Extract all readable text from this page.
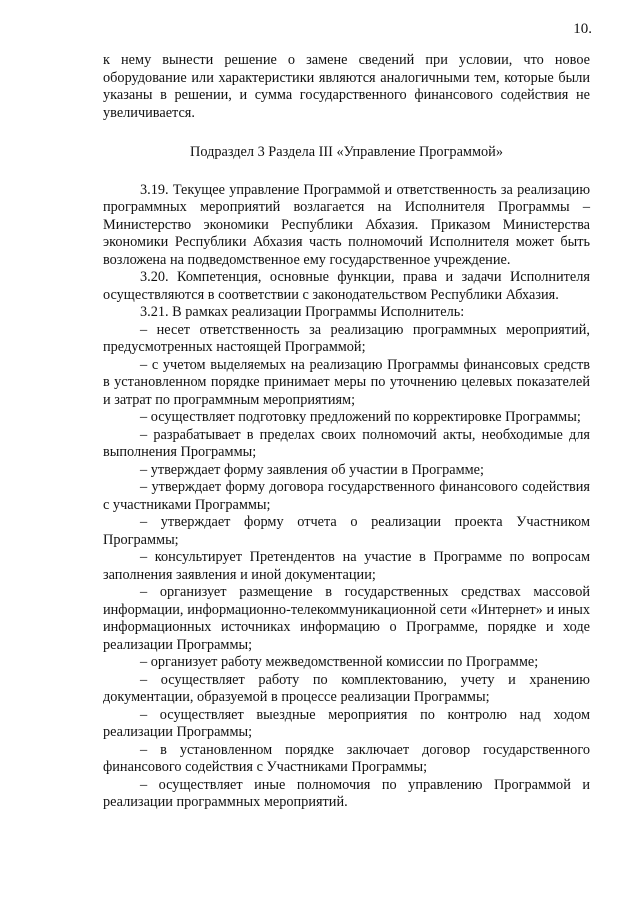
10.

к нему вынести решение о замене сведений при условии, что новое оборудование или характеристики являются аналогичными тем, которые были указаны в решении, и сумма государственного финансового содействия не увеличивается.

Подраздел 3 Раздела III «Управление Программой»

3.19. Текущее управление Программой и ответственность за реализацию программных мероприятий возлагается на Исполнителя Программы – Министерство экономики Республики Абхазия. Приказом Министерства экономики Республики Абхазия часть полномочий Исполнителя может быть возложена на подведомственное ему государственное учреждение.

3.20. Компетенция, основные функции, права и задачи Исполнителя осуществляются в соответствии с законодательством Республики Абхазия.

3.21. В рамках реализации Программы Исполнитель:

– несет ответственность за реализацию программных мероприятий, предусмотренных настоящей Программой;

– с учетом выделяемых на реализацию Программы финансовых средств в установленном порядке принимает меры по уточнению целевых показателей и затрат по программным мероприятиям;

– осуществляет подготовку предложений по корректировке Программы;

– разрабатывает в пределах своих полномочий акты, необходимые для выполнения Программы;

– утверждает форму заявления об участии в Программе;

– утверждает форму договора государственного финансового содействия с участниками Программы;

– утверждает форму отчета о реализации проекта Участником Программы;

– консультирует Претендентов на участие в Программе по вопросам заполнения заявления и иной документации;

– организует размещение в государственных средствах массовой информации, информационно-телекоммуникационной сети «Интернет» и иных информационных источниках информацию о Программе, порядке и ходе реализации Программы;

– организует работу межведомственной комиссии по Программе;

– осуществляет работу по комплектованию, учету и хранению документации, образуемой в процессе реализации Программы;

– осуществляет выездные мероприятия по контролю над ходом реализации Программы;

– в установленном порядке заключает договор государственного финансового содействия с Участниками Программы;

– осуществляет иные полномочия по управлению Программой и реализации программных мероприятий.
